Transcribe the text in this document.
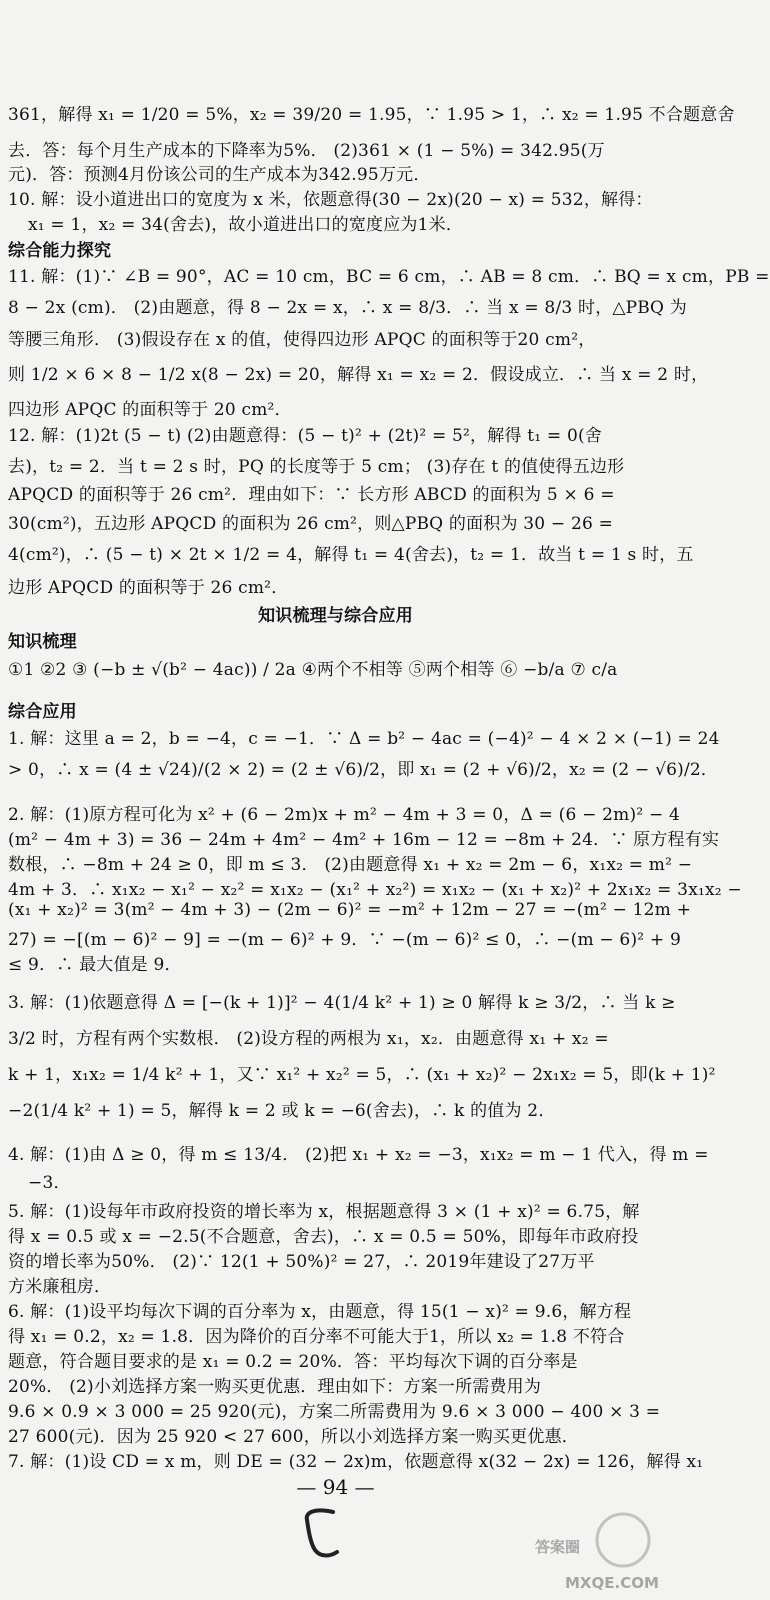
361，解得 x₁ = 1/20 = 5%，x₂ = 39/20 = 1.95，∵ 1.95 > 1，∴ x₂ = 1.95 不合题意舍
去．答：每个月生产成本的下降率为5%． (2)361 × (1 − 5%) = 342.95(万
元)．答：预测4月份该公司的生产成本为342.95万元．
10. 解：设小道进出口的宽度为 x 米，依题意得(30 − 2x)(20 − x) = 532，解得：
x₁ = 1，x₂ = 34(舍去)，故小道进出口的宽度应为1米．
综合能力探究
11. 解：(1)∵ ∠B = 90°，AC = 10 cm，BC = 6 cm，∴ AB = 8 cm．∴ BQ = x cm，PB =
8 − 2x (cm)． (2)由题意，得 8 − 2x = x，∴ x = 8/3．∴ 当 x = 8/3 时，△PBQ 为
等腰三角形． (3)假设存在 x 的值，使得四边形 APQC 的面积等于20 cm²，
则 1/2 × 6 × 8 − 1/2 x(8 − 2x) = 20，解得 x₁ = x₂ = 2．假设成立．∴ 当 x = 2 时，
四边形 APQC 的面积等于 20 cm²．
12. 解：(1)2t (5 − t) (2)由题意得：(5 − t)² + (2t)² = 5²，解得 t₁ = 0(舍
去)，t₂ = 2．当 t = 2 s 时，PQ 的长度等于 5 cm； (3)存在 t 的值使得五边形
APQCD 的面积等于 26 cm²．理由如下：∵ 长方形 ABCD 的面积为 5 × 6 =
30(cm²)，五边形 APQCD 的面积为 26 cm²，则△PBQ 的面积为 30 − 26 =
4(cm²)，∴ (5 − t) × 2t × 1/2 = 4，解得 t₁ = 4(舍去)，t₂ = 1．故当 t = 1 s 时，五
边形 APQCD 的面积等于 26 cm²．
知识梳理与综合应用
知识梳理
①1 ②2 ③ (−b ± √(b² − 4ac)) / 2a ④两个不相等 ⑤两个相等 ⑥ −b/a ⑦ c/a
综合应用
1. 解：这里 a = 2，b = −4，c = −1．∵ Δ = b² − 4ac = (−4)² − 4 × 2 × (−1) = 24
> 0，∴ x = (4 ± √24)/(2 × 2) = (2 ± √6)/2，即 x₁ = (2 + √6)/2，x₂ = (2 − √6)/2．
2. 解：(1)原方程可化为 x² + (6 − 2m)x + m² − 4m + 3 = 0，Δ = (6 − 2m)² − 4
(m² − 4m + 3) = 36 − 24m + 4m² − 4m² + 16m − 12 = −8m + 24．∵ 原方程有实
数根，∴ −8m + 24 ≥ 0，即 m ≤ 3． (2)由题意得 x₁ + x₂ = 2m − 6，x₁x₂ = m² −
4m + 3．∴ x₁x₂ − x₁² − x₂² = x₁x₂ − (x₁² + x₂²) = x₁x₂ − (x₁ + x₂)² + 2x₁x₂ = 3x₁x₂ −
(x₁ + x₂)² = 3(m² − 4m + 3) − (2m − 6)² = −m² + 12m − 27 = −(m² − 12m +
27) = −[(m − 6)² − 9] = −(m − 6)² + 9．∵ −(m − 6)² ≤ 0，∴ −(m − 6)² + 9
≤ 9．∴ 最大值是 9．
3. 解：(1)依题意得 Δ = [−(k + 1)]² − 4(1/4 k² + 1) ≥ 0 解得 k ≥ 3/2，∴ 当 k ≥
3/2 时，方程有两个实数根． (2)设方程的两根为 x₁，x₂．由题意得 x₁ + x₂ =
k + 1，x₁x₂ = 1/4 k² + 1，又∵ x₁² + x₂² = 5，∴ (x₁ + x₂)² − 2x₁x₂ = 5，即(k + 1)²
−2(1/4 k² + 1) = 5，解得 k = 2 或 k = −6(舍去)，∴ k 的值为 2．
4. 解：(1)由 Δ ≥ 0，得 m ≤ 13/4． (2)把 x₁ + x₂ = −3，x₁x₂ = m − 1 代入，得 m =
−3．
5. 解：(1)设每年市政府投资的增长率为 x，根据题意得 3 × (1 + x)² = 6.75，解
得 x = 0.5 或 x = −2.5(不合题意，舍去)，∴ x = 0.5 = 50%，即每年市政府投
资的增长率为50%． (2)∵ 12(1 + 50%)² = 27，∴ 2019年建设了27万平
方米廉租房．
6. 解：(1)设平均每次下调的百分率为 x，由题意，得 15(1 − x)² = 9.6，解方程
得 x₁ = 0.2，x₂ = 1.8．因为降价的百分率不可能大于1，所以 x₂ = 1.8 不符合
题意，符合题目要求的是 x₁ = 0.2 = 20%．答：平均每次下调的百分率是
20%． (2)小刘选择方案一购买更优惠．理由如下：方案一所需费用为
9.6 × 0.9 × 3 000 = 25 920(元)，方案二所需费用为 9.6 × 3 000 − 400 × 3 =
27 600(元)．因为 25 920 < 27 600，所以小刘选择方案一购买更优惠．
7. 解：(1)设 CD = x m，则 DE = (32 − 2x)m，依题意得 x(32 − 2x) = 126，解得 x₁
— 94 —
答案圈
MXQE.COM
